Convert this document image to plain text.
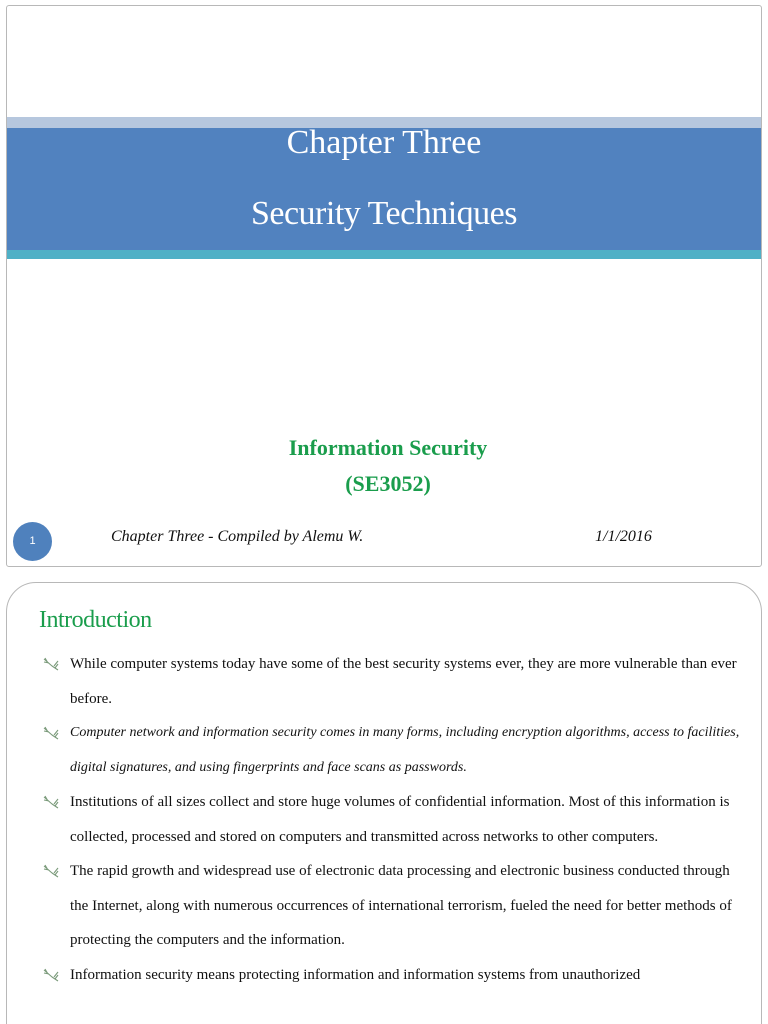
Chapter Three
Security Techniques
Information Security
(SE3052)
1	Chapter Three - Compiled by Alemu W.	1/1/2016
Introduction
While computer systems today have some of the best security systems ever, they are more vulnerable than ever before.
Computer network and information security comes in many forms, including encryption algorithms, access to facilities, digital signatures, and using fingerprints and face scans as passwords.
Institutions of all sizes collect and store huge volumes of confidential information. Most of this information is collected, processed and stored on computers and transmitted across networks to other computers.
The rapid growth and widespread use of electronic data processing and electronic business conducted through the Internet, along with numerous occurrences of international terrorism, fueled the need for better methods of protecting the computers and the information.
Information security means protecting information and information systems from unauthorized
